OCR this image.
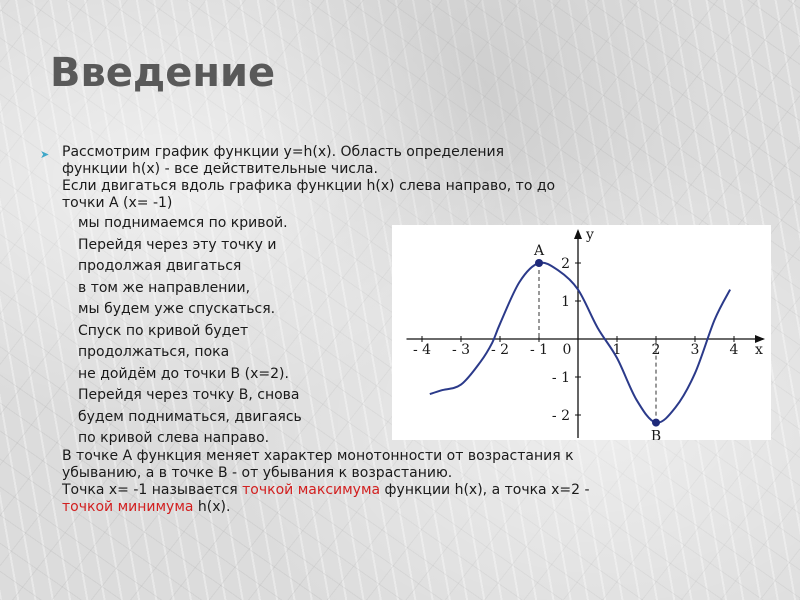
Введение
➤ Рассмотрим график функции у=h(х). Область определения
функции h(x) - все действительные числа.
Если двигаться вдоль графика функции h(x) слева направо, то до
точки А (х= -1)
мы поднимаемся по кривой.
Перейдя через эту точку и
продолжая двигаться
в том же направлении,
мы будем уже спускаться.
Спуск по кривой будет
продолжаться, пока
не дойдём до точки В (х=2).
Перейдя через точку В, снова
будем подниматься, двигаясь
по кривой слева направо.
x
y
0
- 4 - 3 - 2 - 1	1 2 3 4
2
1
- 1
- 2
A
B
В точке А функция меняет характер монотонности от возрастания к
убыванию, а в точке В - от убывания к возрастанию.
Точка х= -1 называется точкой максимума функции h(x), а точка х=2 -
точкой минимума h(x).
